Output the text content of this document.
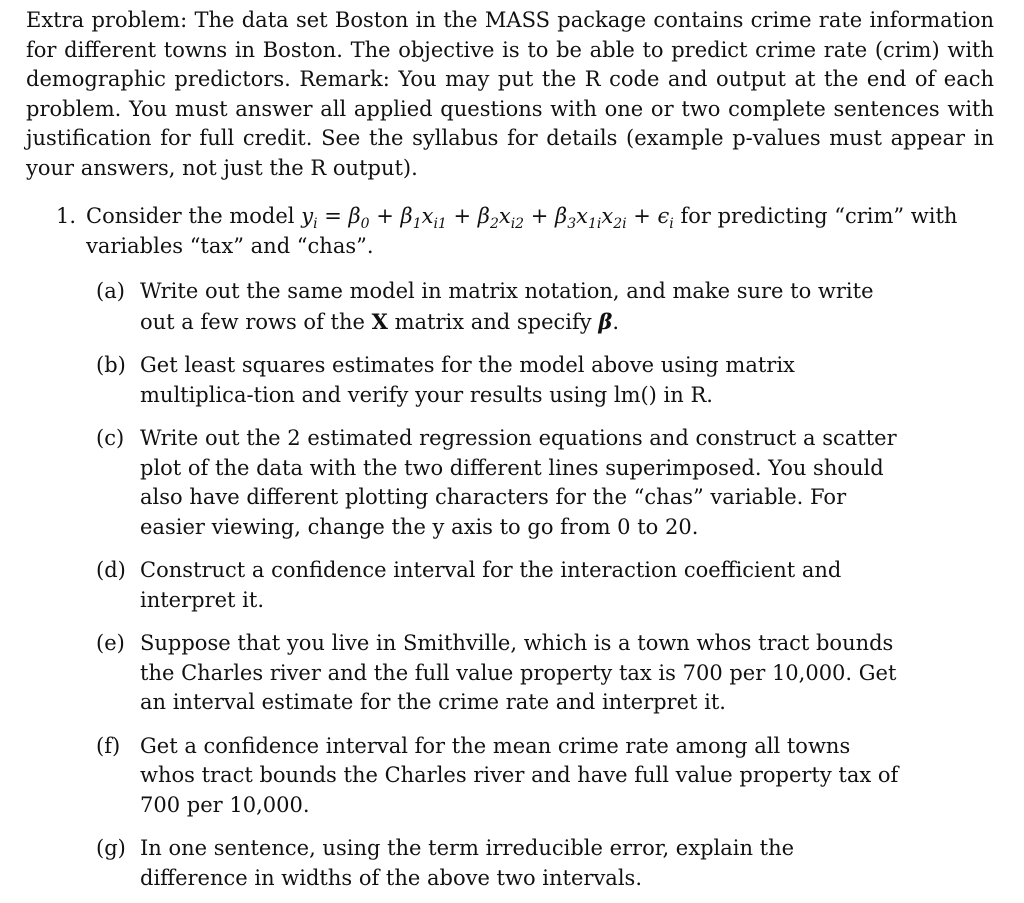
Extra problem: The data set Boston in the MASS package contains crime rate information for different towns in Boston. The objective is to be able to predict crime rate (crim) with demographic predictors. Remark: You may put the R code and output at the end of each problem. You must answer all applied questions with one or two complete sentences with justification for full credit. See the syllabus for details (example p-values must appear in your answers, not just the R output).

1. Consider the model $y_i = \beta_0 + \beta_1x_{i1} + \beta_2x_{i2} + \beta_3x_{1i}x_{2i} + \epsilon_i$ for predicting “crim” with variables “tax” and “chas”.
(a) Write out the same model in matrix notation, and make sure to write out a few rows of the X matrix and specify β.
(b) Get least squares estimates for the model above using matrix multiplica-tion and verify your results using lm() in R.
(c) Write out the 2 estimated regression equations and construct a scatter plot of the data with the two different lines superimposed. You should also have different plotting characters for the “chas” variable. For easier viewing, change the y axis to go from 0 to 20.
(d) Construct a confidence interval for the interaction coefficient and interpret it.
(e) Suppose that you live in Smithville, which is a town whos tract bounds the Charles river and the full value property tax is 700 per 10,000. Get an interval estimate for the crime rate and interpret it.
(f) Get a confidence interval for the mean crime rate among all towns whos tract bounds the Charles river and have full value property tax of 700 per 10,000.
(g) In one sentence, using the term irreducible error, explain the difference in widths of the above two intervals.
